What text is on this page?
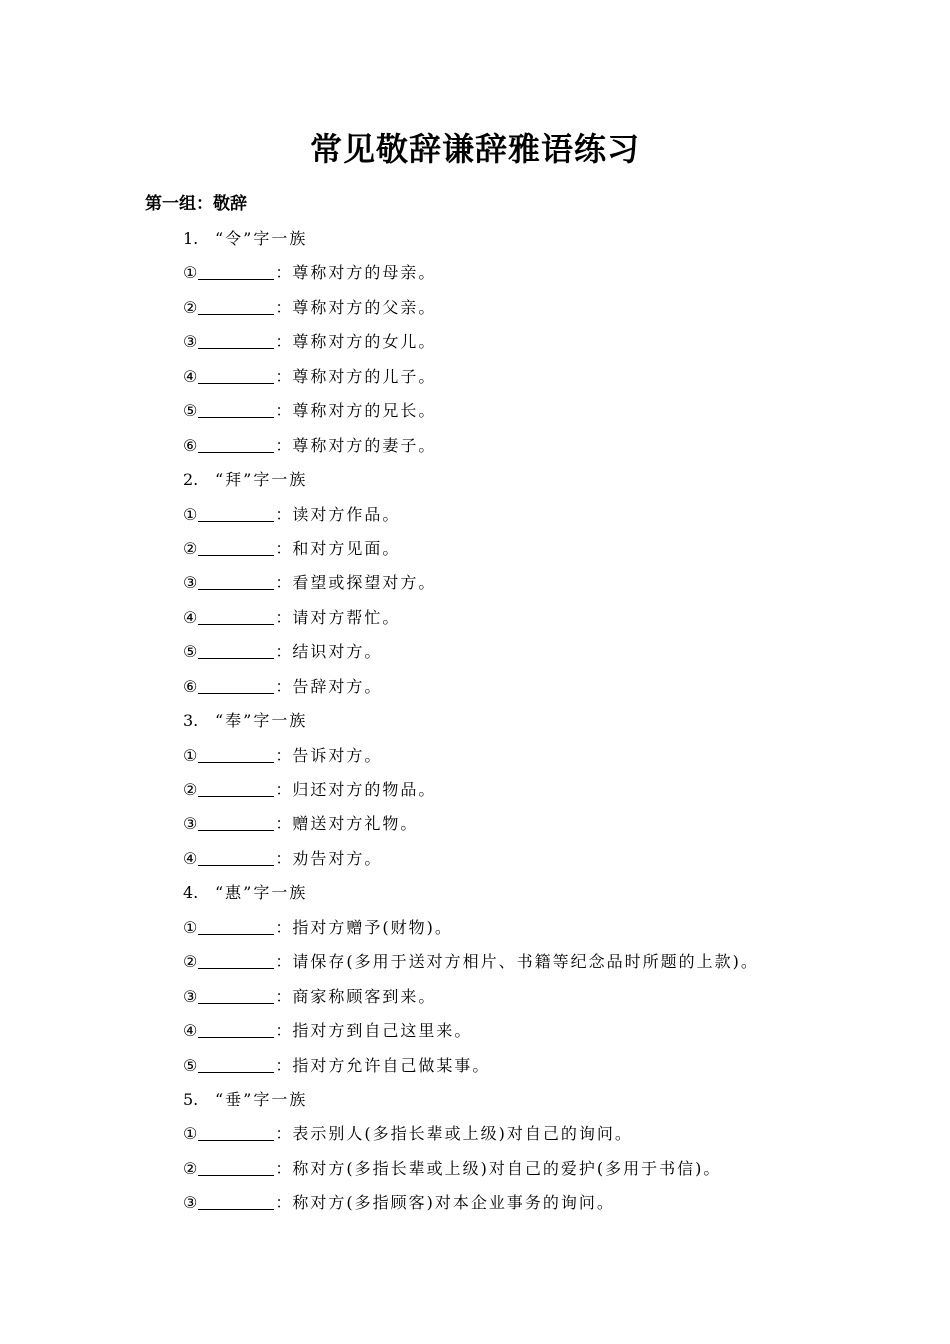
常见敬辞谦辞雅语练习
第一组：敬辞
1. “令”字一族
①	：尊称对方的母亲。
②	：尊称对方的父亲。
③	：尊称对方的女儿。
④	：尊称对方的儿子。
⑤	：尊称对方的兄长。
⑥	：尊称对方的妻子。
2. “拜”字一族
①	：读对方作品。
②	：和对方见面。
③	：看望或探望对方。
④	：请对方帮忙。
⑤	：结识对方。
⑥	：告辞对方。
3. “奉”字一族
①	：告诉对方。
②	：归还对方的物品。
③	：赠送对方礼物。
④	：劝告对方。
4. “惠”字一族
①	：指对方赠予(财物)。
②	：请保存(多用于送对方相片、书籍等纪念品时所题的上款)。
③	：商家称顾客到来。
④	：指对方到自己这里来。
⑤	：指对方允许自己做某事。
5. “垂”字一族
①	：表示别人(多指长辈或上级)对自己的询问。
②	：称对方(多指长辈或上级)对自己的爱护(多用于书信)。
③	：称对方(多指顾客)对本企业事务的询问。
